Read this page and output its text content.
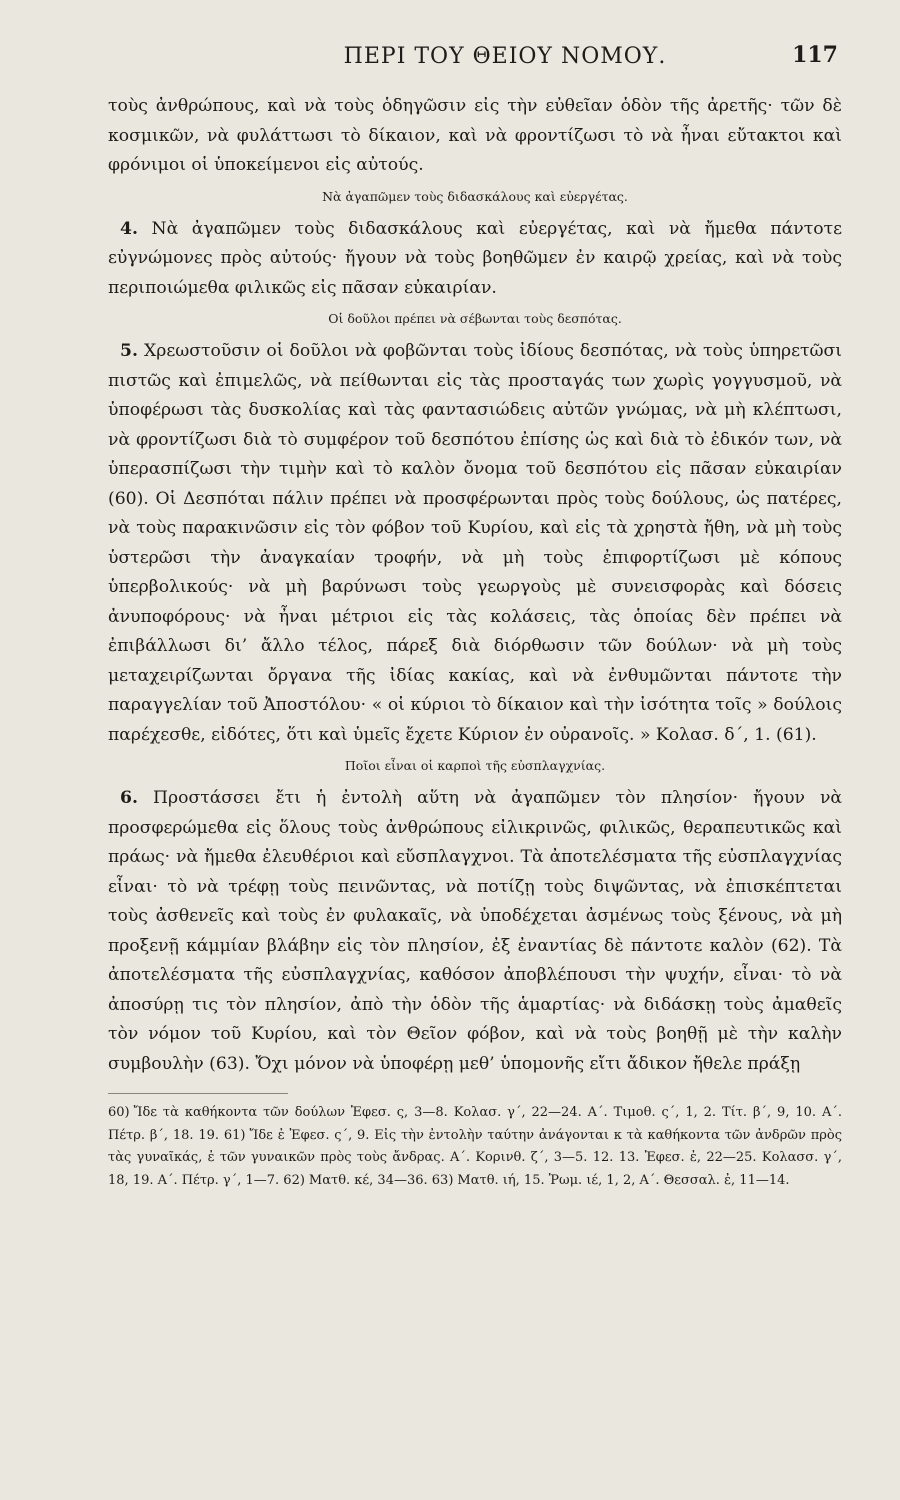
ΠΕΡΙ ΤΟΥ ΘΕΙΟΥ ΝΟΜΟΥ.	117

τοὺς ἀνθρώπους, καὶ νὰ τοὺς ὁδηγῶσιν εἰς τὴν εὐθεῖαν ὁδὸν τῆς ἀρετῆς· τῶν δὲ κοσμικῶν, νὰ φυλάττωσι τὸ δίκαιον, καὶ νὰ φροντίζωσι τὸ νὰ ἦναι εὔτακτοι καὶ φρόνιμοι οἱ ὑποκείμενοι εἰς αὐτούς.

Νὰ ἀγαπῶμεν τοὺς διδασκάλους καὶ εὐεργέτας.

4. Νὰ ἀγαπῶμεν τοὺς διδασκάλους καὶ εὐεργέτας, καὶ νὰ ἤμεθα πάντοτε εὐγνώμονες πρὸς αὐτούς· ἤγουν νὰ τοὺς βοηθῶμεν ἐν καιρῷ χρείας, καὶ νὰ τοὺς περιποιώμεθα φιλικῶς εἰς πᾶσαν εὐκαιρίαν.

Οἱ δοῦλοι πρέπει νὰ σέβωνται τοὺς δεσπότας.

5. Χρεωστοῦσιν οἱ δοῦλοι νὰ φοβῶνται τοὺς ἰδίους δεσπότας, νὰ τοὺς ὑπηρετῶσι πιστῶς καὶ ἐπιμελῶς, νὰ πείθωνται εἰς τὰς προσταγάς των χωρὶς γογγυσμοῦ, νὰ ὑποφέρωσι τὰς δυσκολίας καὶ τὰς φαντασιώδεις αὐτῶν γνώμας, νὰ μὴ κλέπτωσι, νὰ φροντίζωσι διὰ τὸ συμφέρον τοῦ δεσπότου ἐπίσης ὡς καὶ διὰ τὸ ἐδικόν των, νὰ ὑπερασπίζωσι τὴν τιμὴν καὶ τὸ καλὸν ὄνομα τοῦ δεσπότου εἰς πᾶσαν εὐκαιρίαν (60). Οἱ Δεσπόται πάλιν πρέπει νὰ προσφέρωνται πρὸς τοὺς δούλους, ὡς πατέρες, νὰ τοὺς παρακινῶσιν εἰς τὸν φόβον τοῦ Κυρίου, καὶ εἰς τὰ χρηστὰ ἤθη, νὰ μὴ τοὺς ὑστερῶσι τὴν ἀναγκαίαν τροφήν, νὰ μὴ τοὺς ἐπιφορτίζωσι μὲ κόπους ὑπερβολικούς· νὰ μὴ βαρύνωσι τοὺς γεωργοὺς μὲ συνεισφορὰς καὶ δόσεις ἀνυποφόρους· νὰ ἦναι μέτριοι εἰς τὰς κολάσεις, τὰς ὁποίας δὲν πρέπει νὰ ἐπιβάλλωσι δι’ ἄλλο τέλος, πάρεξ διὰ διόρθωσιν τῶν δούλων· νὰ μὴ τοὺς μεταχειρίζωνται ὄργανα τῆς ἰδίας κακίας, καὶ νὰ ἐνθυμῶνται πάντοτε τὴν παραγγελίαν τοῦ Ἀποστόλου· « οἱ κύριοι τὸ δίκαιον καὶ τὴν ἰσότητα τοῖς » δούλοις παρέχεσθε, εἰδότες, ὅτι καὶ ὑμεῖς ἔχετε Κύριον ἐν οὐρανοῖς. » Κολασ. δ΄, 1. (61).

Ποῖοι εἶναι οἱ καρποὶ τῆς εὐσπλαγχνίας.

6. Προστάσσει ἔτι ἡ ἐντολὴ αὕτη νὰ ἀγαπῶμεν τὸν πλησίον· ἤγουν νὰ προσφερώμεθα εἰς ὅλους τοὺς ἀνθρώπους εἰλικρινῶς, φιλικῶς, θεραπευτικῶς καὶ πράως· νὰ ἤμεθα ἐλευθέριοι καὶ εὔσπλαγχνοι. Τὰ ἀποτελέσματα τῆς εὐσπλαγχνίας εἶναι· τὸ νὰ τρέφῃ τοὺς πεινῶντας, νὰ ποτίζῃ τοὺς διψῶντας, νὰ ἐπισκέπτεται τοὺς ἀσθενεῖς καὶ τοὺς ἐν φυλακαῖς, νὰ ὑποδέχεται ἀσμένως τοὺς ξένους, νὰ μὴ προξενῇ κάμμίαν βλάβην εἰς τὸν πλησίον, ἐξ ἐναντίας δὲ πάντοτε καλὸν (62). Τὰ ἀποτελέσματα τῆς εὐσπλαγχνίας, καθόσον ἀποβλέπουσι τὴν ψυχήν, εἶναι· τὸ νὰ ἀποσύρῃ τις τὸν πλησίον, ἀπὸ τὴν ὁδὸν τῆς ἁμαρτίας· νὰ διδάσκῃ τοὺς ἀμαθεῖς τὸν νόμον τοῦ Κυρίου, καὶ τὸν Θεῖον φόβον, καὶ νὰ τοὺς βοηθῇ μὲ τὴν καλὴν συμβουλὴν (63). Ὄχι μόνον νὰ ὑποφέρῃ μεθ’ ὑπομονῆς εἴτι ἄδικον ἤθελε πράξῃ

60) Ἴδε τὰ καθήκοντα τῶν δούλων Ἐφεσ. ς, 3—8. Κολασ. γ΄, 22—24. Α΄. Τιμοθ. ς΄, 1, 2. Τίτ. β΄, 9, 10. Α΄. Πέτρ. β΄, 18. 19. 61) Ἴδε ἐ Ἐφεσ. ς΄, 9. Εἰς τὴν ἐντολὴν ταύτην ἀνάγονται κ τὰ καθήκοντα τῶν ἀνδρῶν πρὸς τὰς γυναῖκάς, ἐ τῶν γυναικῶν πρὸς τοὺς ἄνδρας. Α΄. Κορινθ. ζ΄, 3—5. 12. 13. Ἐφεσ. ἐ, 22—25. Κολασσ. γ΄, 18, 19. Α΄. Πέτρ. γ΄, 1—7. 62) Ματθ. κέ, 34—36. 63) Ματθ. ιή, 15. Ῥωμ. ιέ, 1, 2, Α΄. Θεσσαλ. ἐ, 11—14.
